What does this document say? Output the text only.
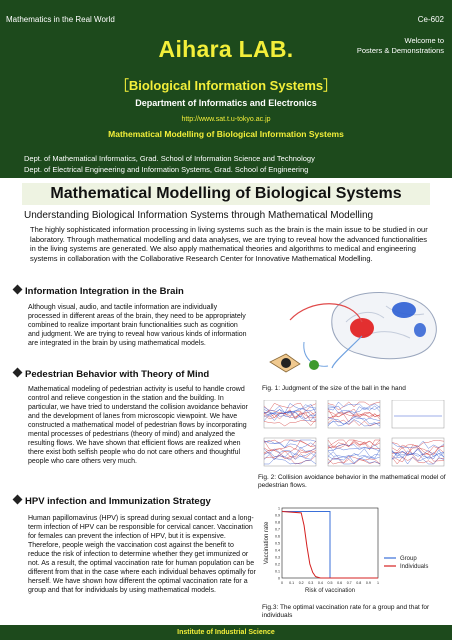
Mathematics in the Real World	Ce-602
Aihara LAB.	Welcome to
Posters & Demonstrations
［Biological Information Systems］
Department of Informatics and Electronics
http://www.sat.t.u-tokyo.ac.jp
Mathematical Modelling of Biological Information Systems
Dept. of Mathematical Informatics, Grad. School of Information Science and Technology
Dept. of Electrical Engineering and Information Systems, Grad. School of Engineering
Mathematical Modelling of Biological Systems
Understanding Biological Information Systems through Mathematical Modelling
The highly sophisticated information processing in living systems such as the brain is the main issue to be studied in our laboratory. Through mathematical modelling and data analyses, we are trying to reveal how the advanced functionalities in the living systems are generated. We also apply mathematical theories and algorithms to medical and engineering systems in collaboration with the Collaborative Research Center for Innovative Mathematical Modelling.
Information Integration in the Brain
Although visual, audio, and tactile information are individually processed in different areas of the brain, they need to be appropriately combined to realize important brain functionalities such as cognition and judgment. We are trying to reveal how various kinds of information are integrated in the brain by using mathematical models.
Fig. 1: Judgment of the size of the ball in the hand
Pedestrian Behavior with Theory of Mind
Mathematical modeling of pedestrian activity is useful to handle crowd control and relieve congestion in the station and the building. In particular, we have tried to understand the collision avoidance behavior and the development of lanes from microscopic viewpoint. We have constructed a mathematical model of pedestrian flows by incorporating mental processes of pedestrians (theory of mind) and analyzed the resulting flows. We have shown that efficient flows are realized when there exist both selfish people who do not care others and thoughtful people who care others very much.
Fig. 2: Collision avoidance behavior in the mathematical model of pedestrian flows.
HPV infection and Immunization Strategy
Human papillomavirus (HPV) is spread during sexual contact and a long-term infection of HPV can be responsible for cervical cancer. Vaccination for females can prevent the infection of HPV, but it is expensive. Therefore, people weigh the vaccination cost against the benefit to reduce the risk of infection to determine whether they get immunized or not. As a result, the optimal vaccination rate for human population can be different from that in the case where each individual behaves optimally for herself. We have shown how different the optimal vaccination rate for a group and that for individuals by using mathematical models.
0
0.1
0.2
0.3
0.4
0.5
0.6
0.7
0.8
0.9
1
0 0.1 0.2 0.3 0.4 0.5 0.6 0.7 0.8 0.9 1
Risk of vaccination
Vaccination rate	Group
Individuals
Fig.3: The optimal vaccination rate for a group and that for individuals
Institute of Industrial Science
